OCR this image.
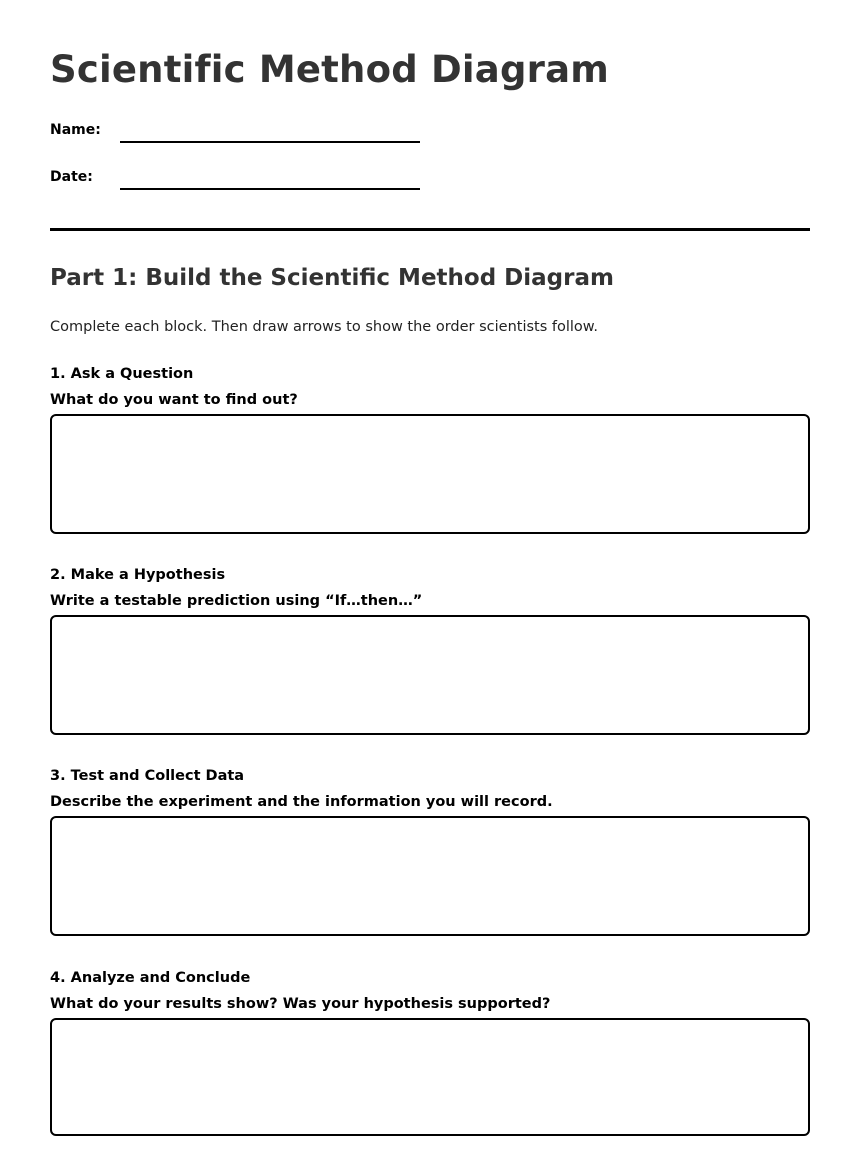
Scientific Method Diagram
Name:
Date:
Part 1: Build the Scientific Method Diagram

Complete each block. Then draw arrows to show the order scientists follow.

1. Ask a Question
What do you want to find out?
2. Make a Hypothesis
Write a testable prediction using “If…then…”
3. Test and Collect Data
Describe the experiment and the information you will record.
4. Analyze and Conclude
What do your results show? Was your hypothesis supported?
